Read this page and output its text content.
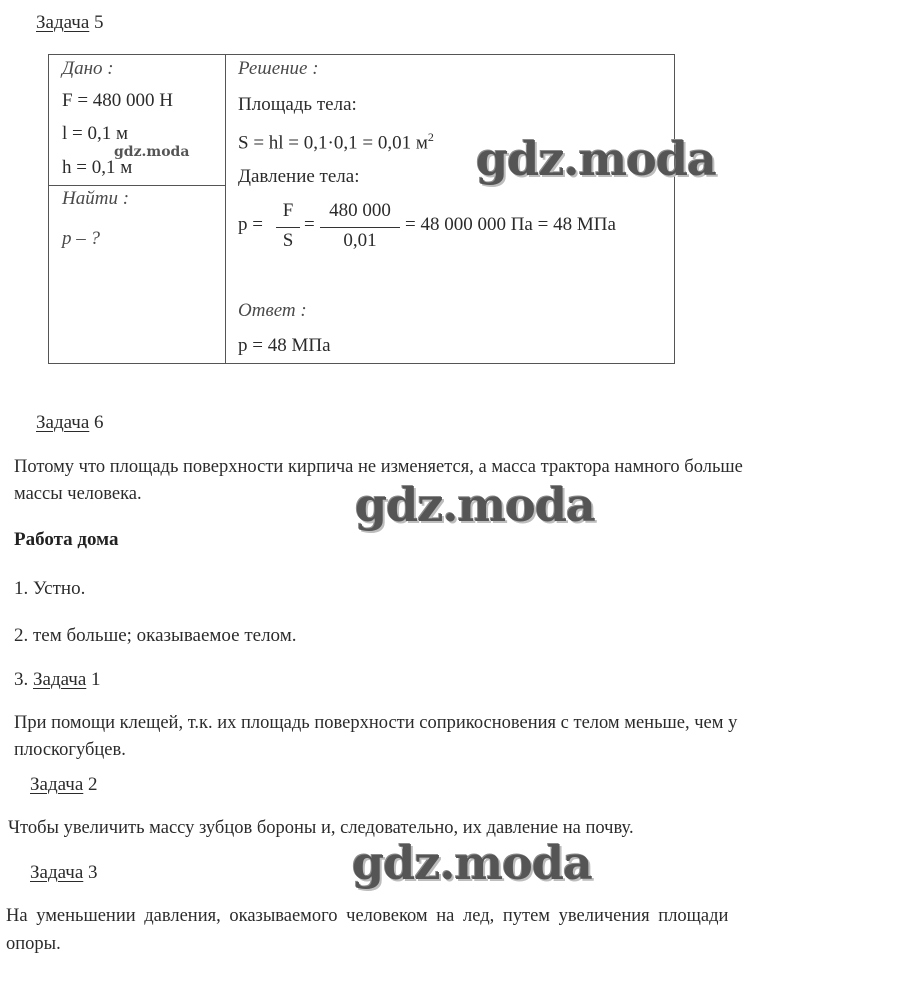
Задача 5
Дано :
F = 480 000 Н
l = 0,1 м
gdz.moda
h = 0,1 м
Найти :
p – ?
Решение :
Площадь тела:
S = hl = 0,1·0,1 = 0,01 $м^2$
Давление тела:
p =
F
S
=
480 000
0,01
= 48 000 000 Па = 48 МПа
Ответ :
p = 48 МПа
gdz.moda
Задача 6
Потому что площадь поверхности кирпича не изменяется, а масса трактора намного больше
массы человека.	gdz.moda
Работа дома
1. Устно.
2. тем больше; оказываемое телом.
3. Задача 1
При помощи клещей, т.к. их площадь поверхности соприкосновения с телом меньше, чем у
плоскогубцев.
Задача 2
Чтобы увеличить массу зубцов бороны и, следовательно, их давление на почву.
gdz.moda
Задача 3
На уменьшении давления, оказываемого человеком на лед, путем увеличения площади
опоры.
